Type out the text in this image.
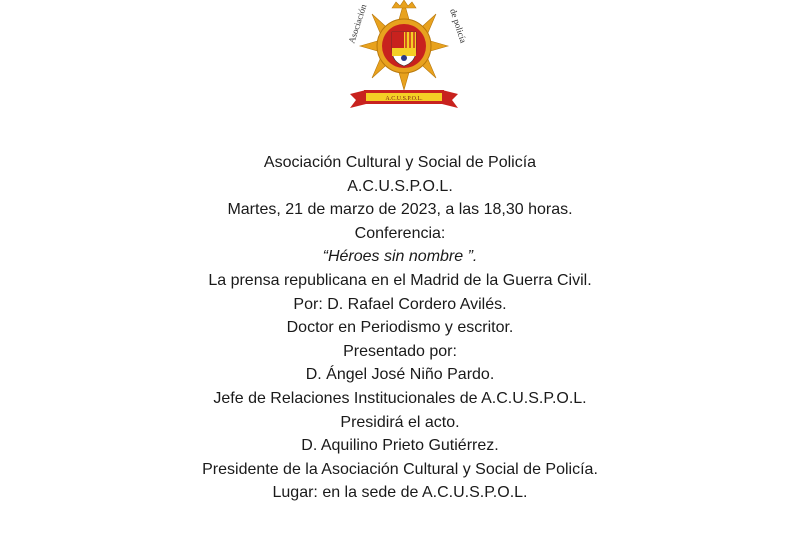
Asociación	de policía
A.C.U.S.P.O.L.
Asociación Cultural y Social de Policía
A.C.U.S.P.O.L.
Martes, 21 de marzo de 2023, a las 18,30 horas.
Conferencia:
“Héroes sin nombre ”.
La prensa republicana en el Madrid de la Guerra Civil.
Por: D. Rafael Cordero Avilés.
Doctor en Periodismo y escritor.
Presentado por:
D. Ángel José Niño Pardo.
Jefe de Relaciones Institucionales de A.C.U.S.P.O.L.
Presidirá el acto.
D. Aquilino Prieto Gutiérrez.
Presidente de la Asociación Cultural y Social de Policía.
Lugar: en la sede de A.C.U.S.P.O.L.
